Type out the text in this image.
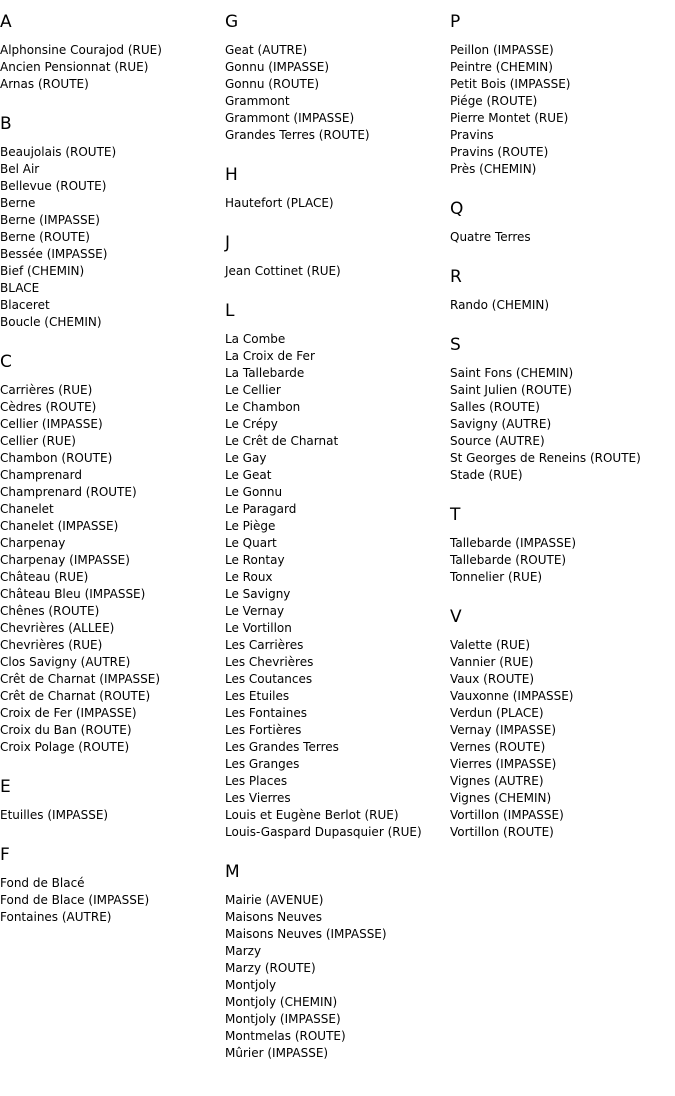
A
Alphonsine Courajod (RUE)
Ancien Pensionnat (RUE)
Arnas (ROUTE)
B
Beaujolais (ROUTE)
Bel Air
Bellevue (ROUTE)
Berne
Berne (IMPASSE)
Berne (ROUTE)
Bessée (IMPASSE)
Bief (CHEMIN)
BLACE
Blaceret
Boucle (CHEMIN)
C
Carrières (RUE)
Cèdres (ROUTE)
Cellier (IMPASSE)
Cellier (RUE)
Chambon (ROUTE)
Champrenard
Champrenard (ROUTE)
Chanelet
Chanelet (IMPASSE)
Charpenay
Charpenay (IMPASSE)
Château (RUE)
Château Bleu (IMPASSE)
Chênes (ROUTE)
Chevrières (ALLEE)
Chevrières (RUE)
Clos Savigny (AUTRE)
Crêt de Charnat (IMPASSE)
Crêt de Charnat (ROUTE)
Croix de Fer (IMPASSE)
Croix du Ban (ROUTE)
Croix Polage (ROUTE)
E
Etuilles (IMPASSE)
F
Fond de Blacé
Fond de Blace (IMPASSE)
Fontaines (AUTRE)
G
Geat (AUTRE)
Gonnu (IMPASSE)
Gonnu (ROUTE)
Grammont
Grammont (IMPASSE)
Grandes Terres (ROUTE)
H
Hautefort (PLACE)
J
Jean Cottinet (RUE)
L
La Combe
La Croix de Fer
La Tallebarde
Le Cellier
Le Chambon
Le Crépy
Le Crêt de Charnat
Le Gay
Le Geat
Le Gonnu
Le Paragard
Le Piège
Le Quart
Le Rontay
Le Roux
Le Savigny
Le Vernay
Le Vortillon
Les Carrières
Les Chevrières
Les Coutances
Les Etuiles
Les Fontaines
Les Fortières
Les Grandes Terres
Les Granges
Les Places
Les Vierres
Louis et Eugène Berlot (RUE)
Louis-Gaspard Dupasquier (RUE)
M
Mairie (AVENUE)
Maisons Neuves
Maisons Neuves (IMPASSE)
Marzy
Marzy (ROUTE)
Montjoly
Montjoly (CHEMIN)
Montjoly (IMPASSE)
Montmelas (ROUTE)
Mûrier (IMPASSE)
P
Peillon (IMPASSE)
Peintre (CHEMIN)
Petit Bois (IMPASSE)
Piége (ROUTE)
Pierre Montet (RUE)
Pravins
Pravins (ROUTE)
Près (CHEMIN)
Q
Quatre Terres
R
Rando (CHEMIN)
S
Saint Fons (CHEMIN)
Saint Julien (ROUTE)
Salles (ROUTE)
Savigny (AUTRE)
Source (AUTRE)
St Georges de Reneins (ROUTE)
Stade (RUE)
T
Tallebarde (IMPASSE)
Tallebarde (ROUTE)
Tonnelier (RUE)
V
Valette (RUE)
Vannier (RUE)
Vaux (ROUTE)
Vauxonne (IMPASSE)
Verdun (PLACE)
Vernay (IMPASSE)
Vernes (ROUTE)
Vierres (IMPASSE)
Vignes (AUTRE)
Vignes (CHEMIN)
Vortillon (IMPASSE)
Vortillon (ROUTE)
